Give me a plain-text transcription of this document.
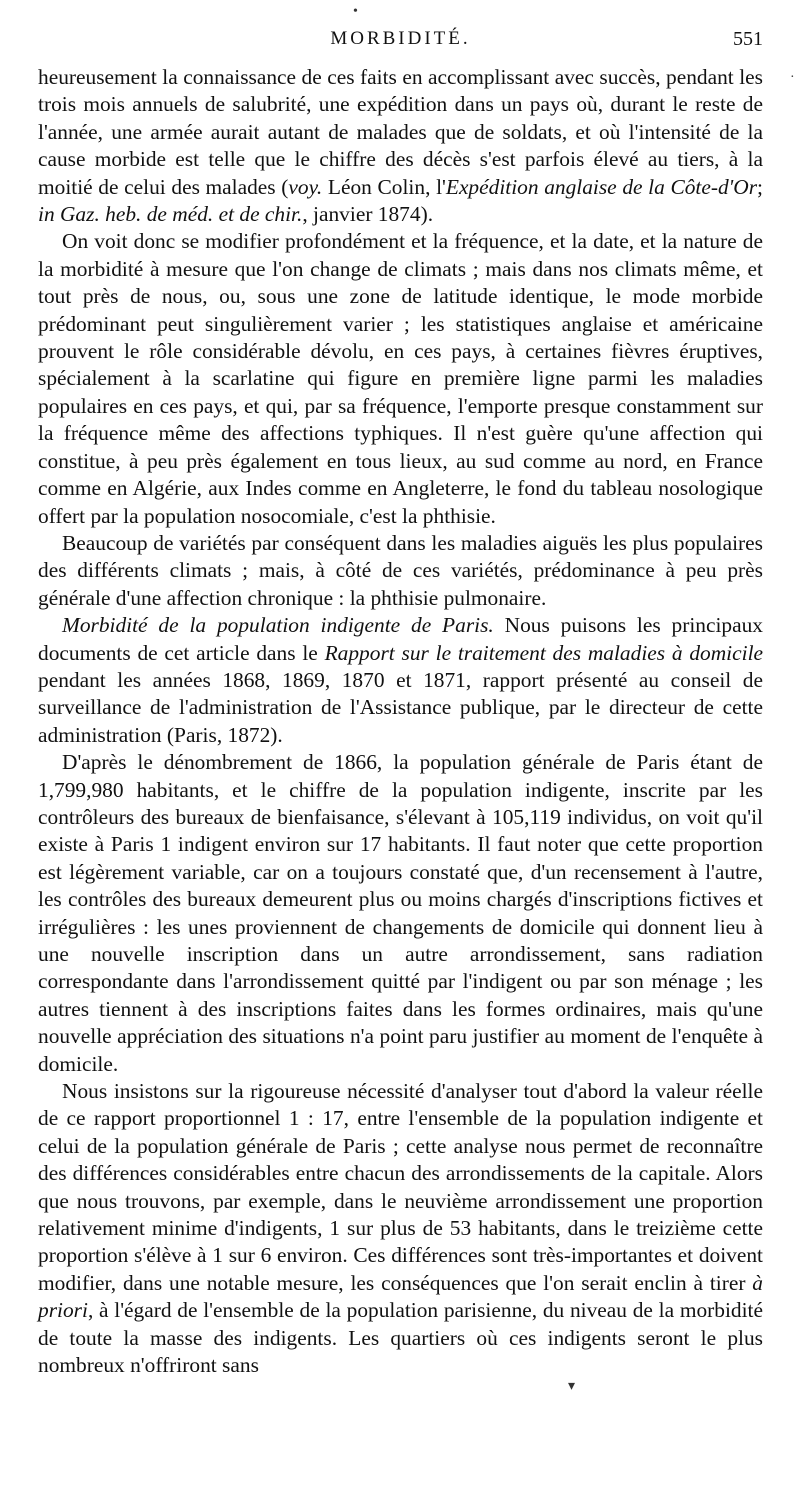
MORBIDITÉ.	551

heureusement la connaissance de ces faits en accomplissant avec succès, pendant les trois mois annuels de salubrité, une expédition dans un pays où, durant le reste de l'année, une armée aurait autant de malades que de soldats, et où l'intensité de la cause morbide est telle que le chiffre des décès s'est parfois élevé au tiers, à la moitié de celui des malades (voy. Léon Colin, l'Expédition anglaise de la Côte-d'Or; in Gaz. heb. de méd. et de chir., janvier 1874).

On voit donc se modifier profondément et la fréquence, et la date, et la nature de la morbidité à mesure que l'on change de climats ; mais dans nos climats même, et tout près de nous, ou, sous une zone de latitude identique, le mode morbide prédominant peut singulièrement varier ; les statistiques anglaise et américaine prouvent le rôle considérable dévolu, en ces pays, à certaines fièvres éruptives, spécialement à la scarlatine qui figure en première ligne parmi les maladies populaires en ces pays, et qui, par sa fréquence, l'emporte presque constamment sur la fréquence même des affections typhiques. Il n'est guère qu'une affection qui constitue, à peu près également en tous lieux, au sud comme au nord, en France comme en Algérie, aux Indes comme en Angleterre, le fond du tableau nosologique offert par la population nosocomiale, c'est la phthisie.

Beaucoup de variétés par conséquent dans les maladies aiguës les plus populaires des différents climats ; mais, à côté de ces variétés, prédominance à peu près générale d'une affection chronique : la phthisie pulmonaire.

Morbidité de la population indigente de Paris. Nous puisons les principaux documents de cet article dans le Rapport sur le traitement des maladies à domicile pendant les années 1868, 1869, 1870 et 1871, rapport présenté au conseil de surveillance de l'administration de l'Assistance publique, par le directeur de cette administration (Paris, 1872).

D'après le dénombrement de 1866, la population générale de Paris étant de 1,799,980 habitants, et le chiffre de la population indigente, inscrite par les contrôleurs des bureaux de bienfaisance, s'élevant à 105,119 individus, on voit qu'il existe à Paris 1 indigent environ sur 17 habitants. Il faut noter que cette proportion est légèrement variable, car on a toujours constaté que, d'un recensement à l'autre, les contrôles des bureaux demeurent plus ou moins chargés d'inscriptions fictives et irrégulières : les unes proviennent de changements de domicile qui donnent lieu à une nouvelle inscription dans un autre arrondissement, sans radiation correspondante dans l'arrondissement quitté par l'indigent ou par son ménage ; les autres tiennent à des inscriptions faites dans les formes ordinaires, mais qu'une nouvelle appréciation des situations n'a point paru justifier au moment de l'enquête à domicile.

Nous insistons sur la rigoureuse nécessité d'analyser tout d'abord la valeur réelle de ce rapport proportionnel 1 : 17, entre l'ensemble de la population indigente et celui de la population générale de Paris ; cette analyse nous permet de reconnaître des différences considérables entre chacun des arrondissements de la capitale. Alors que nous trouvons, par exemple, dans le neuvième arrondissement une proportion relativement minime d'indigents, 1 sur plus de 53 habitants, dans le treizième cette proportion s'élève à 1 sur 6 environ. Ces différences sont très-importantes et doivent modifier, dans une notable mesure, les conséquences que l'on serait enclin à tirer à priori, à l'égard de l'ensemble de la population parisienne, du niveau de la morbidité de toute la masse des indigents. Les quartiers où ces indigents seront le plus nombreux n'offriront sans

•
·
▾
